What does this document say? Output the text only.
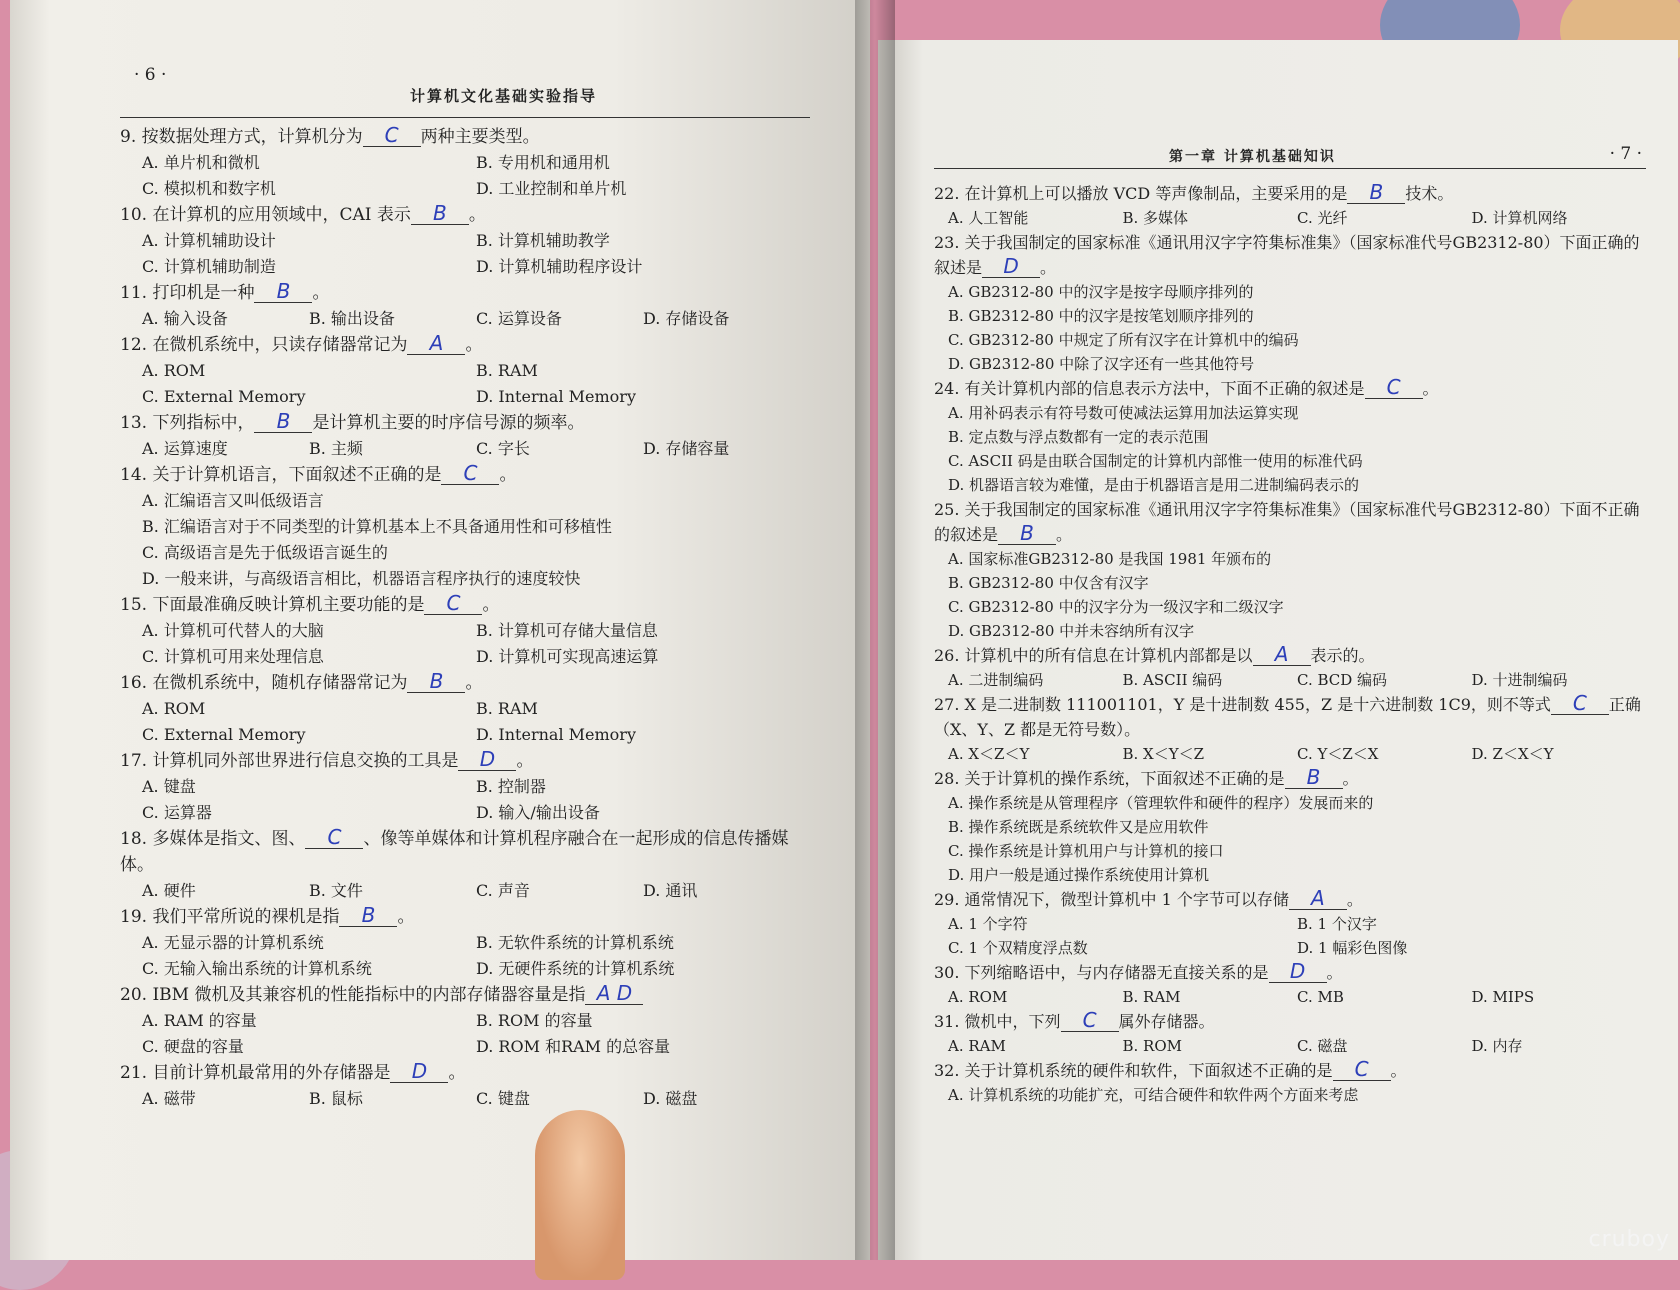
· 6 ·
计算机文化基础实验指导

9. 按数据处理方式，计算机分为 C 两种主要类型。

A. 单片机和微机	B. 专用机和通用机
C. 模拟机和数字机	D. 工业控制和单片机

10. 在计算机的应用领域中，CAI 表示 B 。

A. 计算机辅助设计	B. 计算机辅助教学
C. 计算机辅助制造	D. 计算机辅助程序设计

11. 打印机是一种 B 。

A. 输入设备	B. 输出设备	C. 运算设备	D. 存储设备

12. 在微机系统中，只读存储器常记为 A 。

A. ROM	B. RAM
C. External Memory	D. Internal Memory

13. 下列指标中， B 是计算机主要的时序信号源的频率。

A. 运算速度	B. 主频	C. 字长	D. 存储容量

14. 关于计算机语言，下面叙述不正确的是 C 。

A. 汇编语言又叫低级语言
B. 汇编语言对于不同类型的计算机基本上不具备通用性和可移植性
C. 高级语言是先于低级语言诞生的
D. 一般来讲，与高级语言相比，机器语言程序执行的速度较快

15. 下面最准确反映计算机主要功能的是 C 。

A. 计算机可代替人的大脑	B. 计算机可存储大量信息
C. 计算机可用来处理信息	D. 计算机可实现高速运算

16. 在微机系统中，随机存储器常记为 B 。

A. ROM	B. RAM
C. External Memory	D. Internal Memory

17. 计算机同外部世界进行信息交换的工具是 D 。

A. 键盘	B. 控制器
C. 运算器	D. 输入/输出设备

18. 多媒体是指文、图、 C 、像等单媒体和计算机程序融合在一起形成的信息传播媒体。

A. 硬件	B. 文件	C. 声音	D. 通讯

19. 我们平常所说的裸机是指 B 。

A. 无显示器的计算机系统	B. 无软件系统的计算机系统
C. 无输入输出系统的计算机系统	D. 无硬件系统的计算机系统

20. IBM 微机及其兼容机的性能指标中的内部存储器容量是指 A D

A. RAM 的容量	B. ROM 的容量
C. 硬盘的容量	D. ROM 和RAM 的总容量

21. 目前计算机最常用的外存储器是 D 。

A. 磁带	B. 鼠标	C. 键盘	D. 磁盘
第一章 计算机基础知识	· 7 ·

22. 在计算机上可以播放 VCD 等声像制品，主要采用的是 B 技术。

A. 人工智能	B. 多媒体	C. 光纤	D. 计算机网络

23. 关于我国制定的国家标准《通讯用汉字字符集标准集》（国家标准代号GB2312-80）下面正确的叙述是 D 。

A. GB2312-80 中的汉字是按字母顺序排列的
B. GB2312-80 中的汉字是按笔划顺序排列的
C. GB2312-80 中规定了所有汉字在计算机中的编码
D. GB2312-80 中除了汉字还有一些其他符号

24. 有关计算机内部的信息表示方法中，下面不正确的叙述是 C 。

A. 用补码表示有符号数可使减法运算用加法运算实现
B. 定点数与浮点数都有一定的表示范围
C. ASCII 码是由联合国制定的计算机内部惟一使用的标准代码
D. 机器语言较为难懂，是由于机器语言是用二进制编码表示的

25. 关于我国制定的国家标准《通讯用汉字字符集标准集》（国家标准代号GB2312-80）下面不正确的叙述是 B 。

A. 国家标准GB2312-80 是我国 1981 年颁布的
B. GB2312-80 中仅含有汉字
C. GB2312-80 中的汉字分为一级汉字和二级汉字
D. GB2312-80 中并未容纳所有汉字

26. 计算机中的所有信息在计算机内部都是以 A 表示的。

A. 二进制编码	B. ASCII 编码	C. BCD 编码	D. 十进制编码

27. X 是二进制数 111001101，Y 是十进制数 455，Z 是十六进制数 1C9，则不等式 C 正确（X、Y、Z 都是无符号数）。

A. X＜Z＜Y	B. X＜Y＜Z	C. Y＜Z＜X	D. Z＜X＜Y

28. 关于计算机的操作系统，下面叙述不正确的是 B 。

A. 操作系统是从管理程序（管理软件和硬件的程序）发展而来的
B. 操作系统既是系统软件又是应用软件
C. 操作系统是计算机用户与计算机的接口
D. 用户一般是通过操作系统使用计算机

29. 通常情况下，微型计算机中 1 个字节可以存储 A 。

A. 1 个字符	B. 1 个汉字
C. 1 个双精度浮点数	D. 1 幅彩色图像

30. 下列缩略语中，与内存储器无直接关系的是 D 。

A. ROM	B. RAM	C. MB	D. MIPS

31. 微机中，下列 C 属外存储器。

A. RAM	B. ROM	C. 磁盘	D. 内存

32. 关于计算机系统的硬件和软件，下面叙述不正确的是 C 。

A. 计算机系统的功能扩充，可结合硬件和软件两个方面来考虑
cruboy
